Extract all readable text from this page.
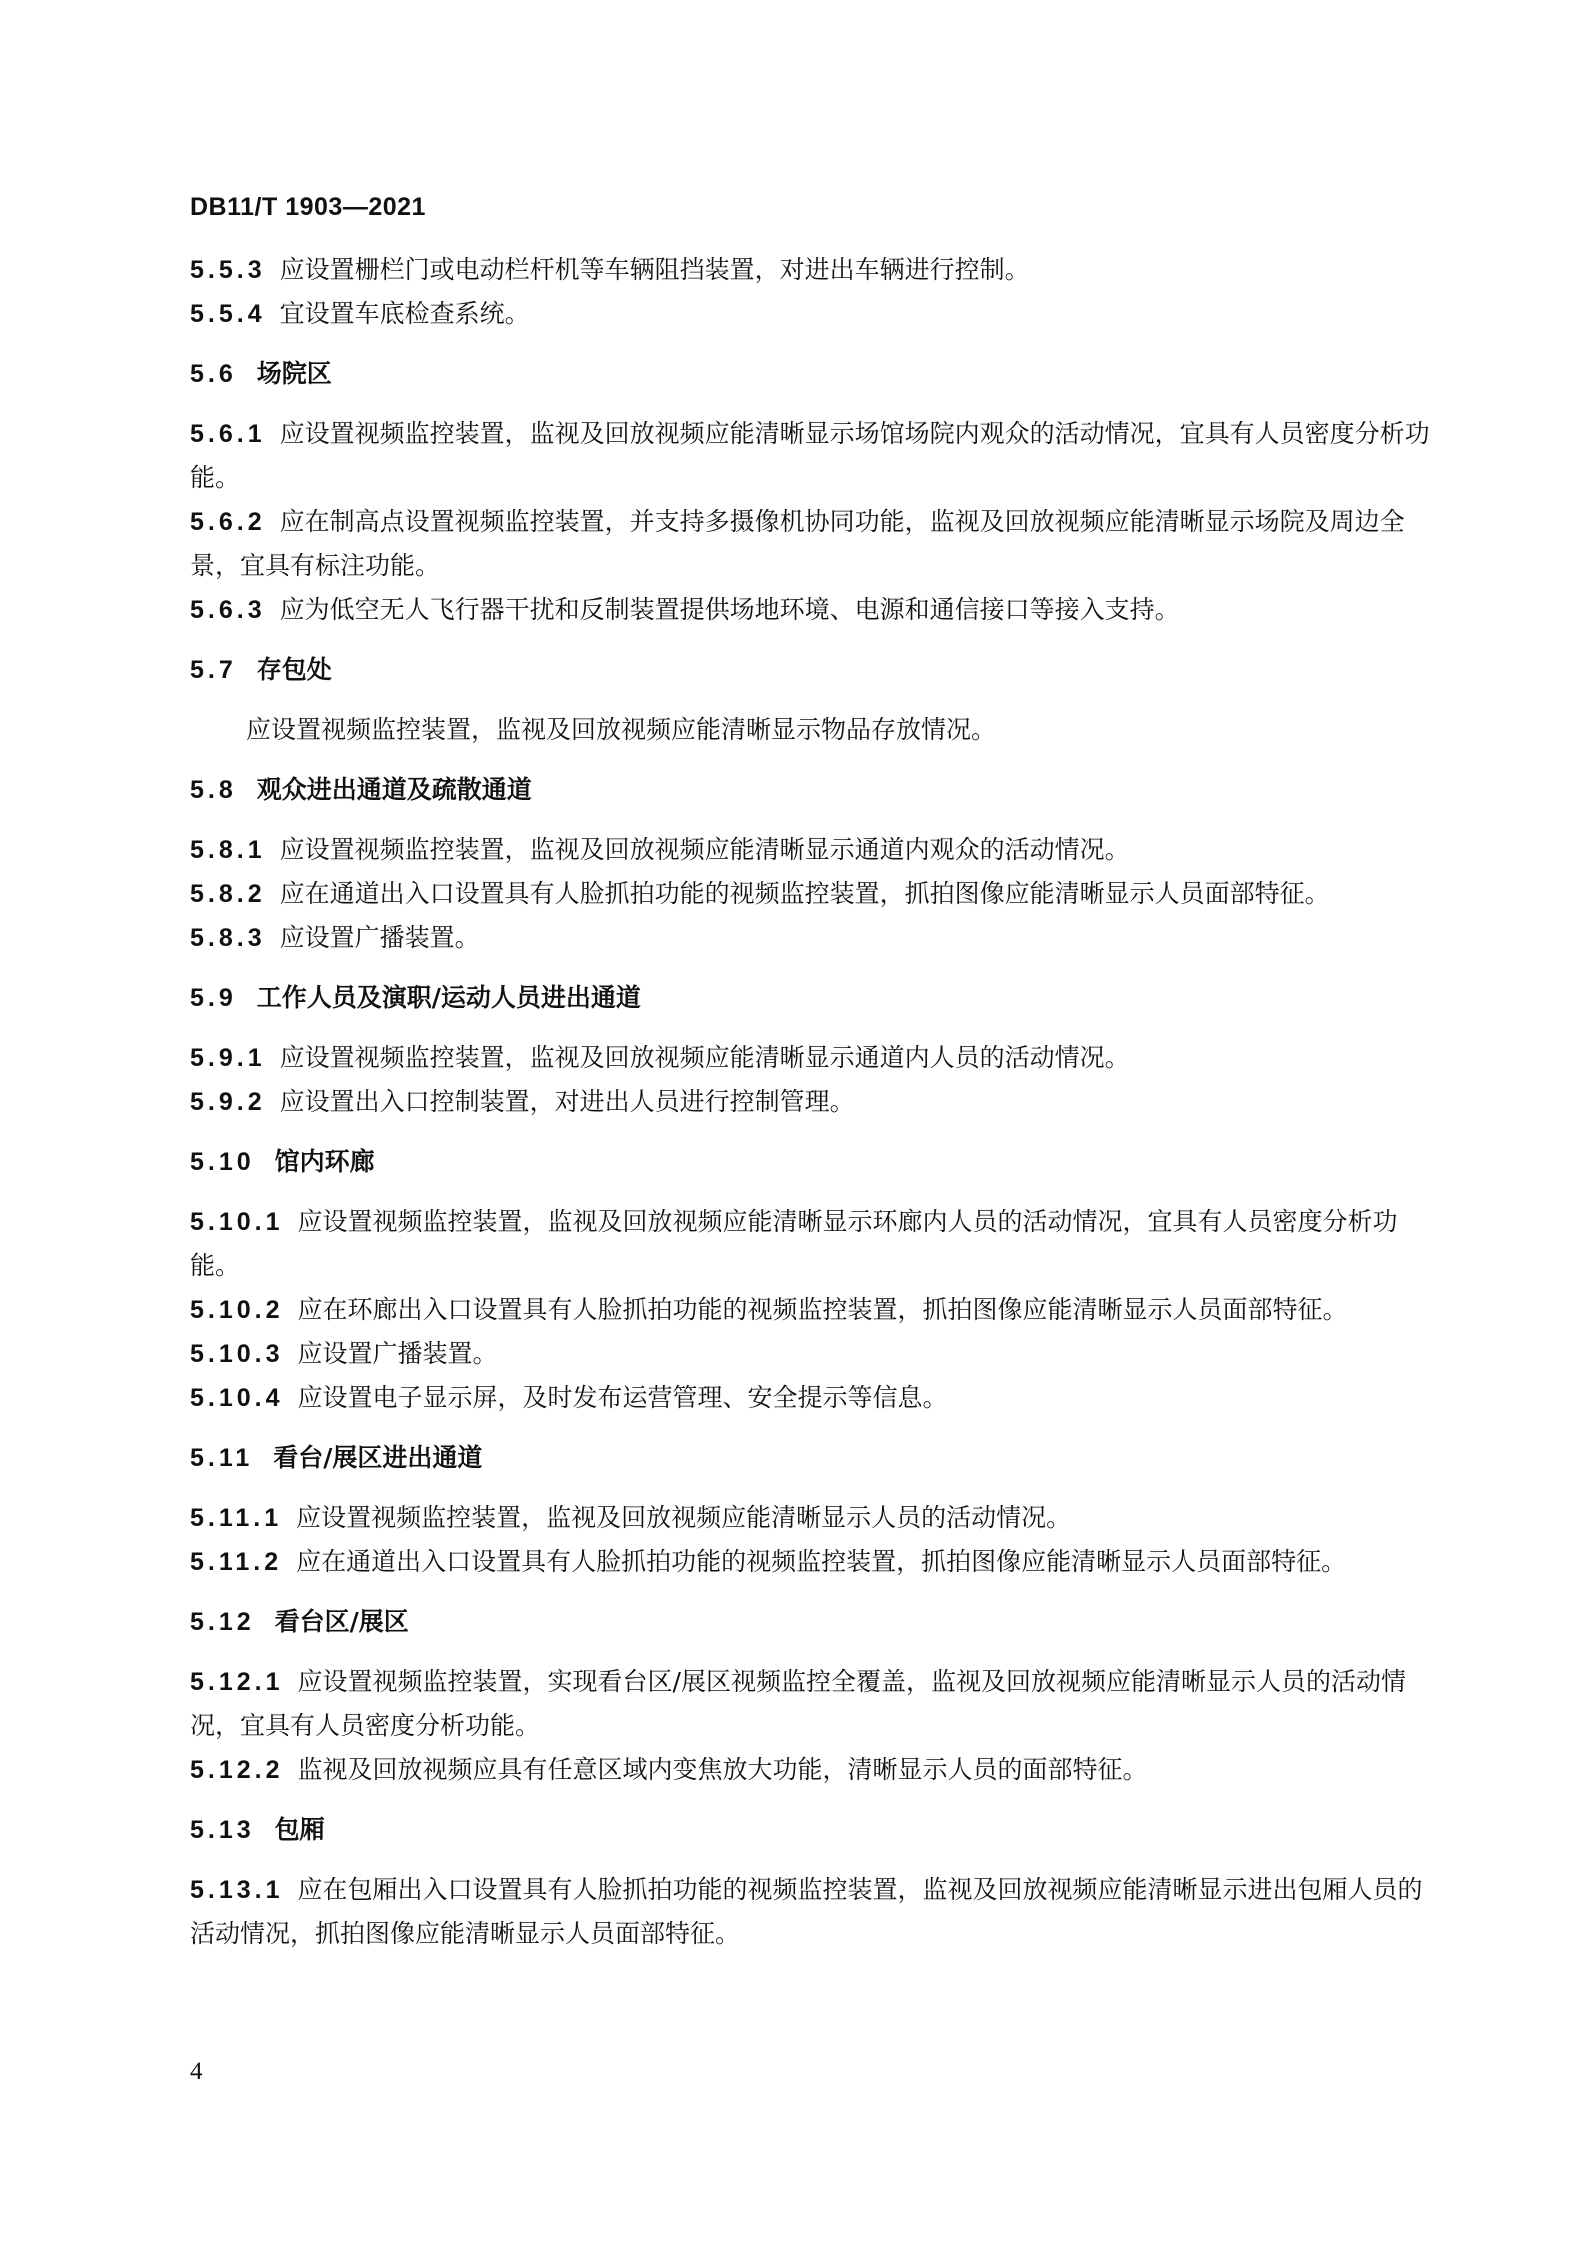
DB11/T 1903—2021

5.5.3 应设置栅栏门或电动栏杆机等车辆阻挡装置，对进出车辆进行控制。

5.5.4 宜设置车底检查系统。

5.6 场院区

5.6.1 应设置视频监控装置，监视及回放视频应能清晰显示场馆场院内观众的活动情况，宜具有人员密度分析功能。

5.6.2 应在制高点设置视频监控装置，并支持多摄像机协同功能，监视及回放视频应能清晰显示场院及周边全景，宜具有标注功能。

5.6.3 应为低空无人飞行器干扰和反制装置提供场地环境、电源和通信接口等接入支持。

5.7 存包处

应设置视频监控装置，监视及回放视频应能清晰显示物品存放情况。

5.8 观众进出通道及疏散通道

5.8.1 应设置视频监控装置，监视及回放视频应能清晰显示通道内观众的活动情况。

5.8.2 应在通道出入口设置具有人脸抓拍功能的视频监控装置，抓拍图像应能清晰显示人员面部特征。

5.8.3 应设置广播装置。

5.9 工作人员及演职/运动人员进出通道

5.9.1 应设置视频监控装置，监视及回放视频应能清晰显示通道内人员的活动情况。

5.9.2 应设置出入口控制装置，对进出人员进行控制管理。

5.10 馆内环廊

5.10.1 应设置视频监控装置，监视及回放视频应能清晰显示环廊内人员的活动情况，宜具有人员密度分析功能。

5.10.2 应在环廊出入口设置具有人脸抓拍功能的视频监控装置，抓拍图像应能清晰显示人员面部特征。

5.10.3 应设置广播装置。

5.10.4 应设置电子显示屏，及时发布运营管理、安全提示等信息。

5.11 看台/展区进出通道

5.11.1 应设置视频监控装置，监视及回放视频应能清晰显示人员的活动情况。

5.11.2 应在通道出入口设置具有人脸抓拍功能的视频监控装置，抓拍图像应能清晰显示人员面部特征。

5.12 看台区/展区

5.12.1 应设置视频监控装置，实现看台区/展区视频监控全覆盖，监视及回放视频应能清晰显示人员的活动情况，宜具有人员密度分析功能。

5.12.2 监视及回放视频应具有任意区域内变焦放大功能，清晰显示人员的面部特征。

5.13 包厢

5.13.1 应在包厢出入口设置具有人脸抓拍功能的视频监控装置，监视及回放视频应能清晰显示进出包厢人员的活动情况，抓拍图像应能清晰显示人员面部特征。

4
